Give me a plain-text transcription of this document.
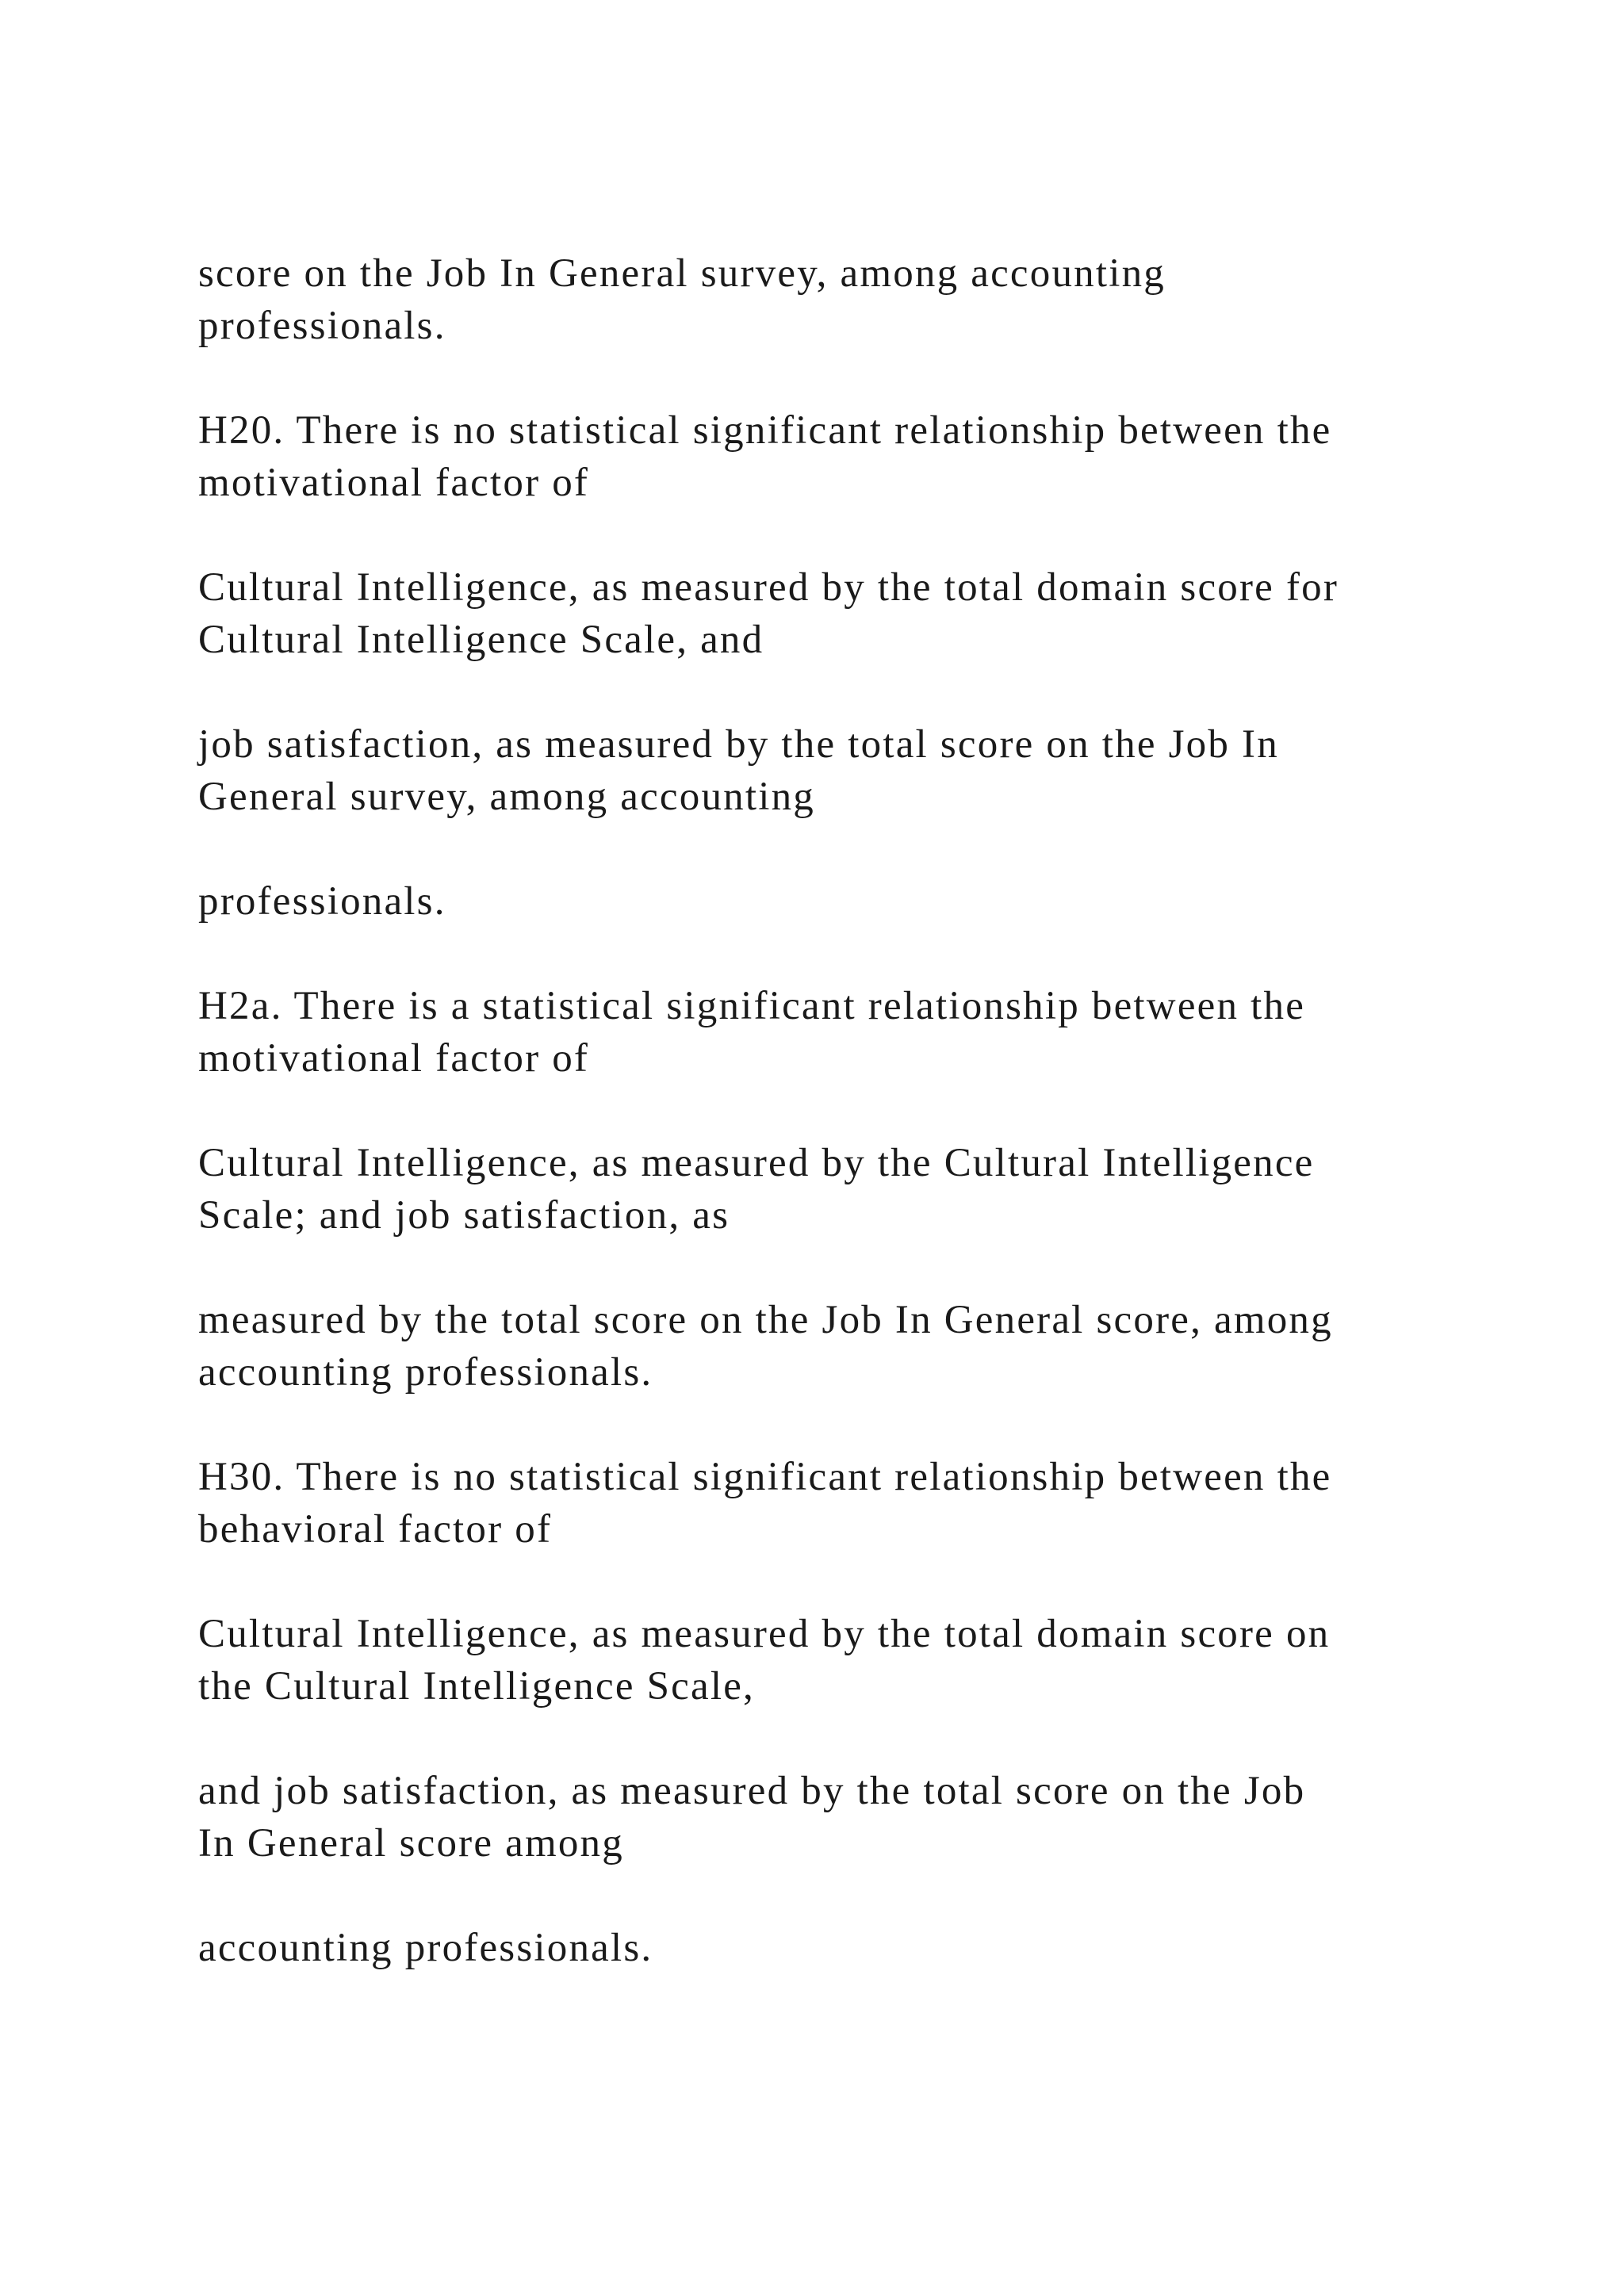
score on the Job In General survey, among accounting
professionals.

H20. There is no statistical significant relationship between the
motivational factor of

Cultural Intelligence, as measured by the total domain score for
Cultural Intelligence Scale, and

job satisfaction, as measured by the total score on the Job In
General survey, among accounting

professionals.

H2a. There is a statistical significant relationship between the
motivational factor of

Cultural Intelligence, as measured by the Cultural Intelligence
Scale; and job satisfaction, as

measured by the total score on the Job In General score, among
accounting professionals.

H30. There is no statistical significant relationship between the
behavioral factor of

Cultural Intelligence, as measured by the total domain score on
the Cultural Intelligence Scale,

and job satisfaction, as measured by the total score on the Job
In General score among

accounting professionals.
